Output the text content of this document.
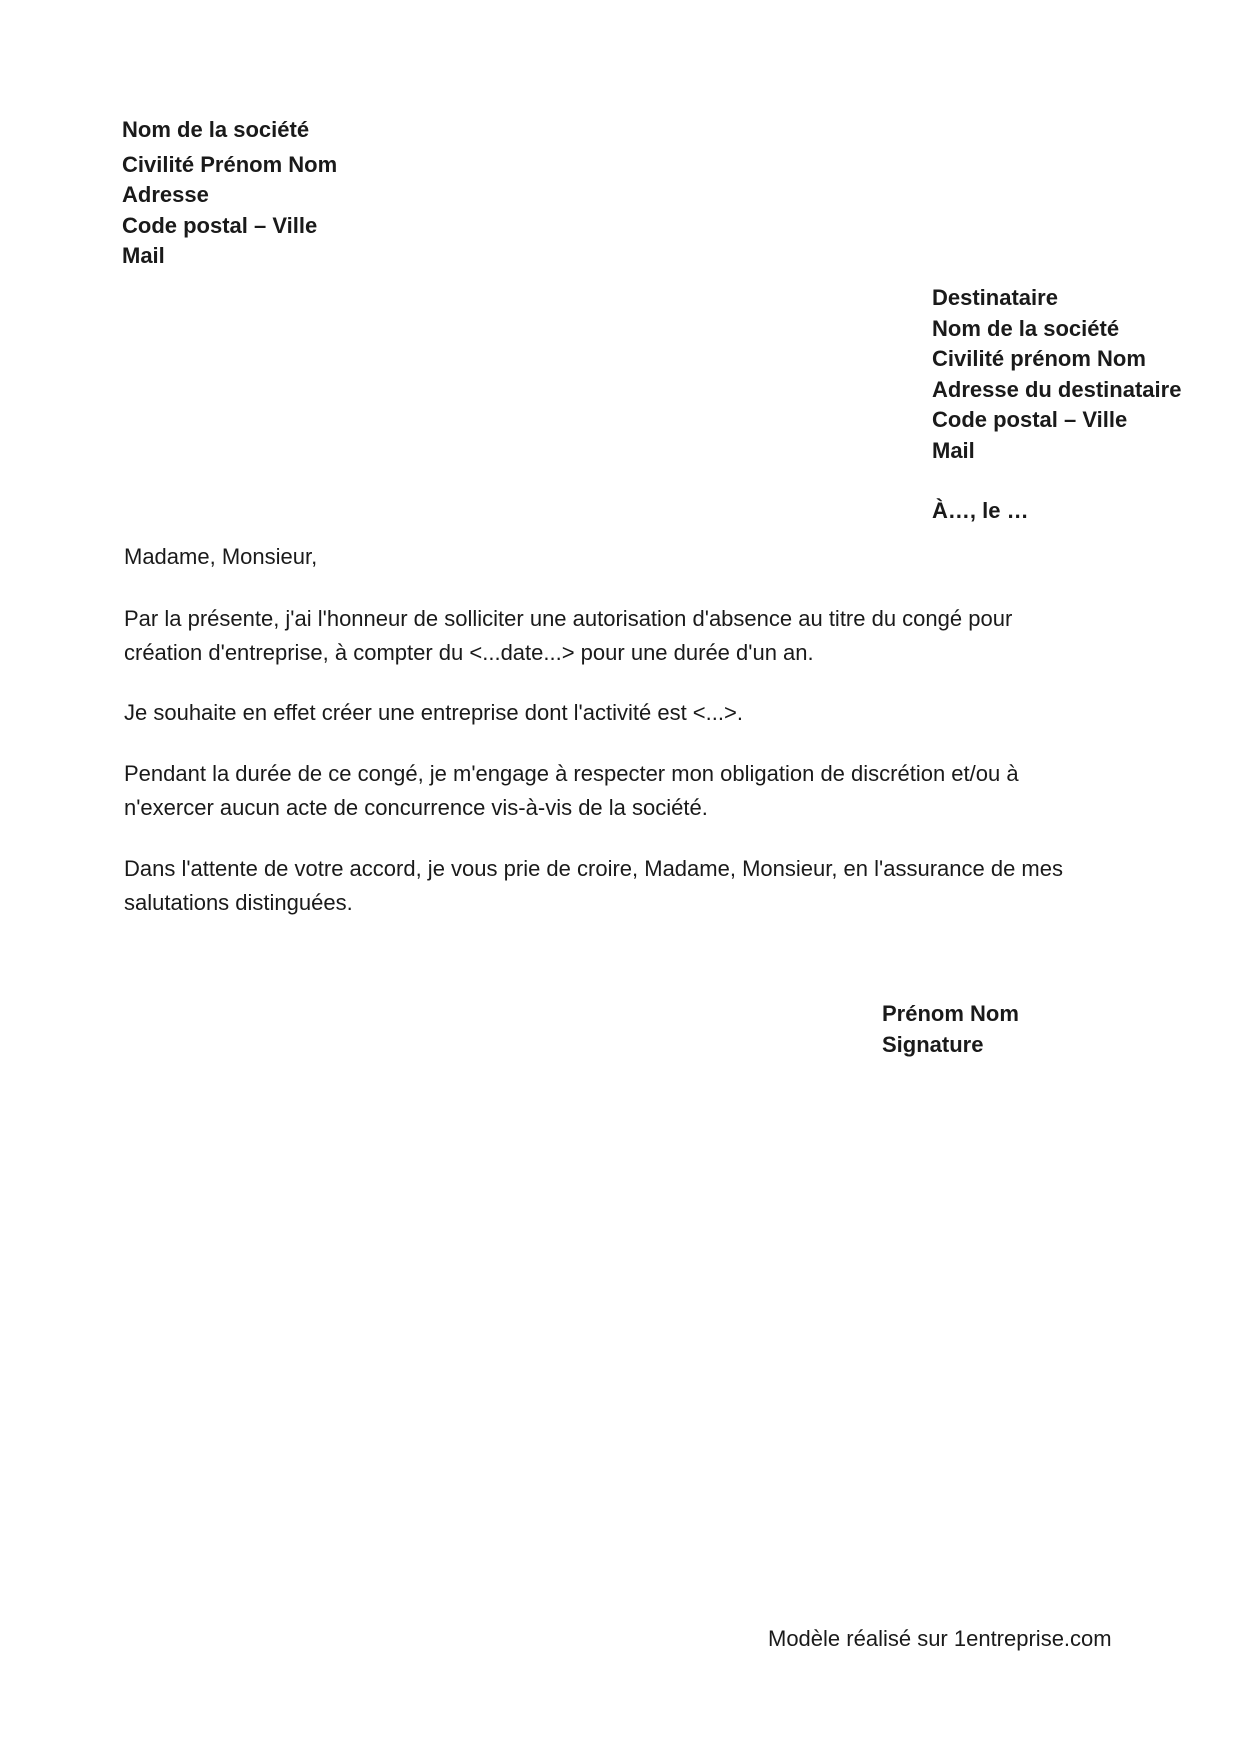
Nom de la société
Civilité Prénom Nom
Adresse
Code postal – Ville
Mail
Destinataire
Nom de la société
Civilité prénom Nom
Adresse du destinataire
Code postal – Ville
Mail
À…, le …

Madame, Monsieur,

Par la présente, j'ai l'honneur de solliciter une autorisation d'absence au titre du congé pour
création d'entreprise, à compter du <...date...> pour une durée d'un an.

Je souhaite en effet créer une entreprise dont l'activité est <...>.

Pendant la durée de ce congé, je m'engage à respecter mon obligation de discrétion et/ou à
n'exercer aucun acte de concurrence vis-à-vis de la société.

Dans l'attente de votre accord, je vous prie de croire, Madame, Monsieur, en l'assurance de mes
salutations distinguées.

Prénom Nom
Signature
Modèle réalisé sur 1entreprise.com
